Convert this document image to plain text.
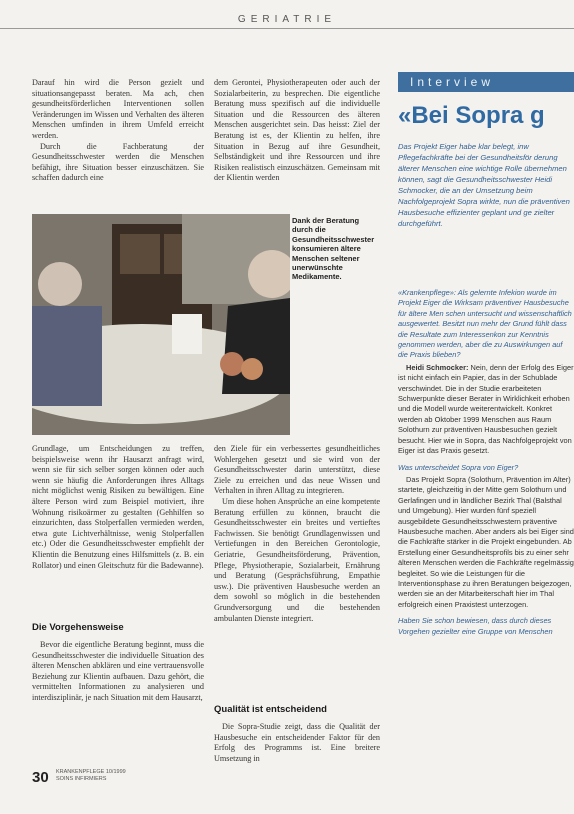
GERIATRIE

Darauf hin wird die Person gezielt und situationsangepasst beraten. Ma ach, chen gesundheitsförderlichen Interventionen sollen Veränderungen im Wissen und Verhalten des älteren Menschen umfinden in ihrem Umfeld erreicht werden.

Durch die Fachberatung der Gesundheitsschwester werden die Menschen befähigt, ihre Situation besser einzuschätzen. Sie schaffen dadurch eine

dem Gerontei, Physiotherapeuten oder auch der Sozialarbeiterin, zu besprechen. Die eigentliche Beratung muss spezifisch auf die individuelle Situation und die Ressourcen des älteren Menschen ausgerichtet sein. Das heisst: Ziel der Beratung ist es, der Klientin zu helfen, ihre Situation in Bezug auf ihre Gesundheit, Selbständigkeit und ihre Ressourcen und ihre Risiken realistisch einzuschätzen. Gemeinsam mit der Klientin werden

Dank der Beratung durch die Gesundheitsschwester konsumieren ältere Menschen seltener unerwünschte Medikamente.

Grundlage, um Entscheidungen zu treffen, beispielsweise wenn ihr Hausarzt anfragt wird, wenn sie für sich selber sorgen können oder auch wenn sie häufig die Anforderungen ihres Alltags nicht möglichst wenig Risiken zu bewältigen. Eine ältere Person wird zum Beispiel motiviert, ihre Wohnung risikoärmer zu gestalten (Gehhilfen so einzurichten, dass Stolperfallen vermieden werden, etwa gute Lichtverhältnisse, wenig Stolperfallen etc.) Oder die Gesundheitsschwester empfiehlt der Klientin die Benutzung eines Hilfsmittels (z. B. ein Rollator) und einen Gleitschutz für die Badewanne).

Die Vorgehensweise

Bevor die eigentliche Beratung beginnt, muss die Gesundheitsschwester die individuelle Situation des älteren Menschen abklären und eine vertrauensvolle Beziehung zur Klientin aufbauen. Dazu gehört, die vermittelten Informationen zu analysieren und interdisziplinär, je nach Situation mit dem Hausarzt,

den Ziele für ein verbessertes gesundheitliches Wohlergehen gesetzt und sie wird von der Gesundheitsschwester darin unterstützt, diese Ziele zu erreichen und das neue Wissen und Verhalten in ihren Alltag zu integrieren.

Um diese hohen Ansprüche an eine kompetente Beratung erfüllen zu können, braucht die Gesundheitsschwester ein breites und vertieftes Fachwissen. Sie benötigt Grundlagenwissen und Vertiefungen in den Bereichen Gerontologie, Geriatrie, Gesundheitsförderung, Prävention, Pflege, Physiotherapie, Sozialarbeit, Ernährung und Beratung (Gesprächsführung, Empathie usw.). Die präventiven Hausbesuche werden an dem sowohl so möglich in die bestehenden Grundversorgung und die bestehenden ambulanten Dienste integriert.

Qualität ist entscheidend

Die Sopra-Studie zeigt, dass die Qualität der Hausbesuche ein entscheidender Faktor für den Erfolg des Programms ist. Eine breitere Umsetzung in

Interview
«Bei Sopra g
Das Projekt Eiger habe klar belegt, inw Pflegefachkräfte bei der Gesundheitsför derung älterer Menschen eine wichtige Rolle übernehmen können, sagt die Gesundheitsschwester Heidi Schmocker, die an der Umsetzung beim Nachfolgeprojekt Sopra wirkte, nun die präventiven Hausbesuche effizienter geplant und ge zielter durchgeführt.

«Krankenpflege»: Als gelernte Infekion wurde im Projekt Eiger die Wirksam präventiver Hausbesuche für ältere Men schen untersucht und wissenschaftlich ausgewertet. Besitzt nun mehr der Grund fühlt dass die Resultate zum Interessenkon zur Kenntnis genommen werden, aber die zu Auswirkungen auf die Praxis blieben?

Heidi Schmocker: Nein, denn der Erfolg des Eiger ist nicht einfach ein Papier, das in der Schublade verschwindet. Die in der Studie erarbeiteten Schwerpunkte dieser Berater in Wirklichkeit erhoben und die Modell wurde weiterentwickelt. Konkret werden ab Oktober 1999 Menschen aus Raum Solothurn zur präventiven Hausbesuchen gezielt besucht. Hier wie in Sopra, das Nachfolgeprojekt von Eiger ist das Praxis gesetzt.

Was unterscheidet Sopra von Eiger?

Das Projekt Sopra (Solothurn, Prävention im Alter) startete, gleichzeitig in der Mitte gem Solothurn und Gerlafingen und in ländlicher Bezirk Thal (Balsthal und Umgebung). Hier wurden fünf speziell ausgebildete Gesundheitsschwestern präventive Hausbesuche machen. Aber anders als bei Eiger sind die Fachkräfte stärker in die Projekt eingebunden. Ab Erstellung einer Gesundheitsprofils bis zu einer sehr älteren Menschen werden die Fachkräfte regelmässig begleitet. So wie die Leistungen für die Interventionsphase zu ihren Beratungen beigezogen, werden sie an der Mitarbeiterschaft hier im Thal erfolgreich einen Praxistest unterzogen.

Haben Sie schon bewiesen, dass durch dieses Vorgehen gezielter eine Gruppe von Menschen

30 KRANKENPFLEGE 10/1999
SOINS INFIRMIERS
